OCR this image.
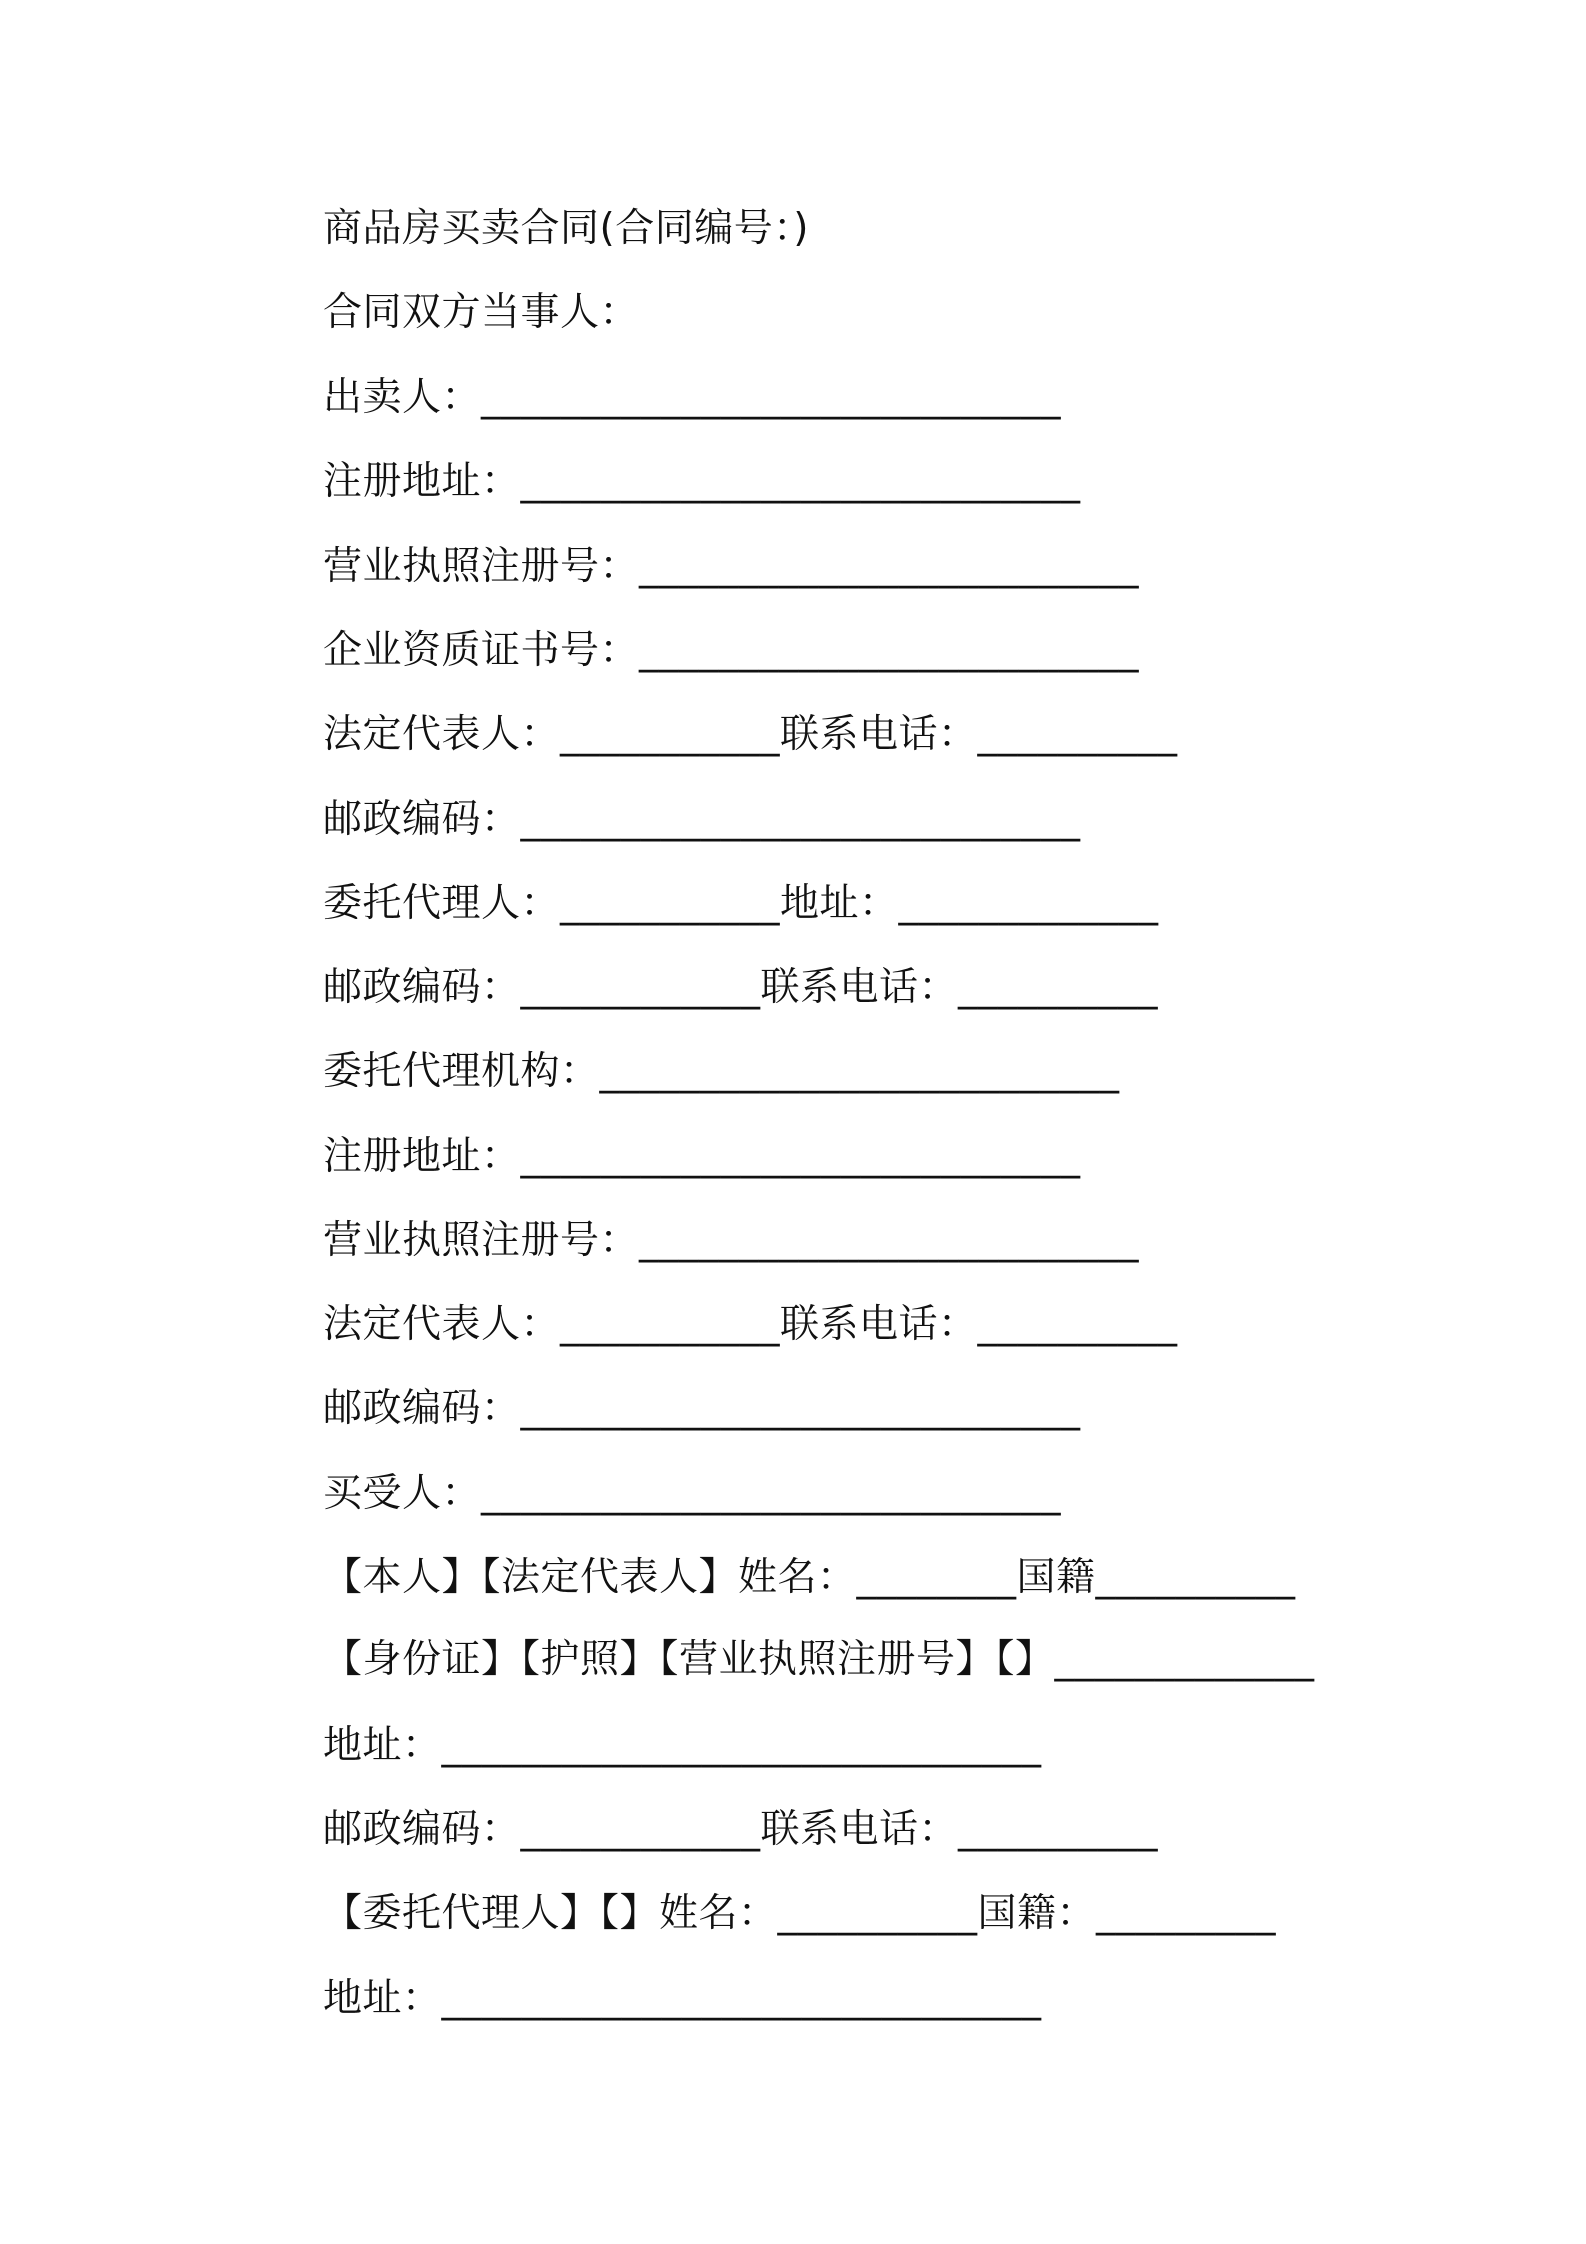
商品房买卖合同(合同编号：)
合同双方当事人：
出卖人：_____________________________
注册地址：____________________________
营业执照注册号：_________________________
企业资质证书号：_________________________
法定代表人：___________联系电话：__________
邮政编码：____________________________
委托代理人：___________地址：_____________
邮政编码：____________联系电话：__________
委托代理机构：__________________________
注册地址：____________________________
营业执照注册号：_________________________
法定代表人：___________联系电话：__________
邮政编码：____________________________
买受人：_____________________________
【本人】【法定代表人】姓名：________国籍__________
【身份证】【护照】【营业执照注册号】【】_____________
地址：______________________________
邮政编码：____________联系电话：__________
【委托代理人】【】姓名：__________国籍：_________
地址：______________________________
